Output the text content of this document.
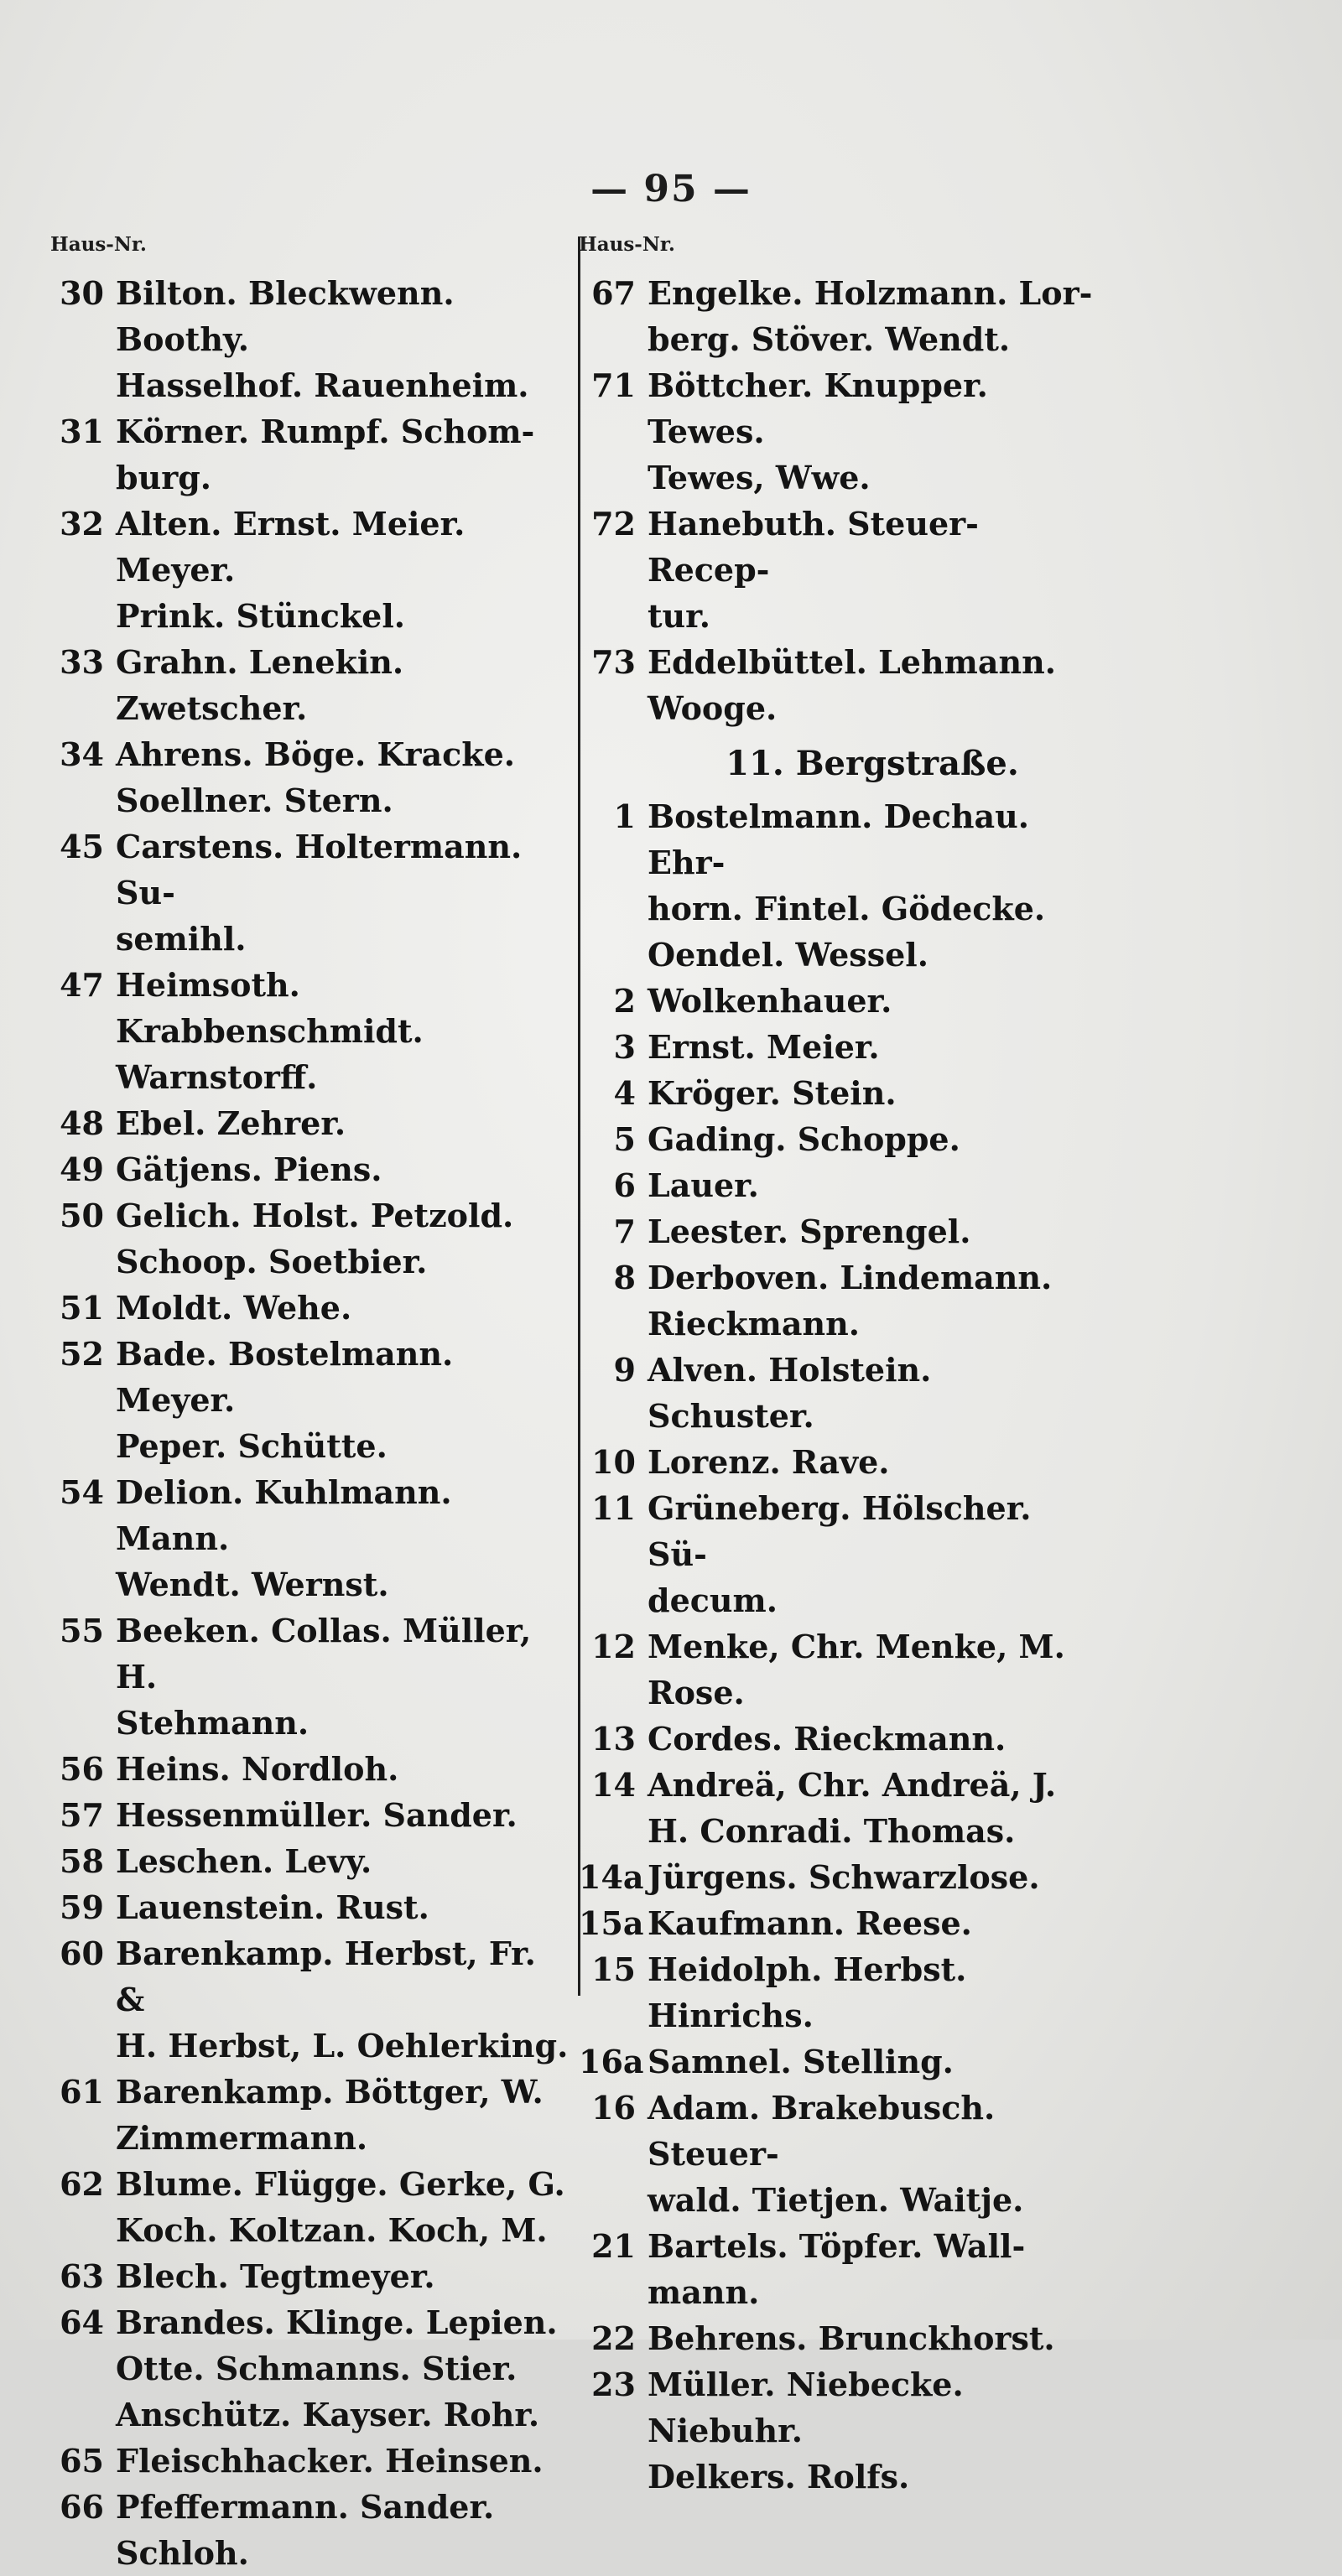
— 95 —
Haus-Nr.
30 Bilton. Bleckwenn. Boothy.
Hasselhof. Rauenheim.
31 Körner. Rumpf. Schom-
burg.
32 Alten. Ernst. Meier. Meyer.
Prink. Stünckel.
33 Grahn. Lenekin. Zwetscher.
34 Ahrens. Böge. Kracke.
Soellner. Stern.
45 Carstens. Holtermann. Su-
semihl.
47 Heimsoth. Krabbenschmidt.
Warnstorff.
48 Ebel. Zehrer.
49 Gätjens. Piens.
50 Gelich. Holst. Petzold.
Schoop. Soetbier.
51 Moldt. Wehe.
52 Bade. Bostelmann. Meyer.
Peper. Schütte.
54 Delion. Kuhlmann. Mann.
Wendt. Wernst.
55 Beeken. Collas. Müller, H.
Stehmann.
56 Heins. Nordloh.
57 Hessenmüller. Sander.
58 Leschen. Levy.
59 Lauenstein. Rust.
60 Barenkamp. Herbst, Fr. &
H. Herbst, L. Oehlerking.
61 Barenkamp. Böttger, W.
Zimmermann.
62 Blume. Flügge. Gerke, G.
Koch. Koltzan. Koch, M.
63 Blech. Tegtmeyer.
64 Brandes. Klinge. Lepien.
Otte. Schmanns. Stier.
Anschütz. Kayser. Rohr.
65 Fleischhacker. Heinsen.
66 Pfeffermann. Sander.
Schloh.
Haus-Nr.
67 Engelke. Holzmann. Lor-
berg. Stöver. Wendt.
71 Böttcher. Knupper. Tewes.
Tewes, Wwe.
72 Hanebuth. Steuer-Recep-
tur.
73 Eddelbüttel. Lehmann.
Wooge.
11. Bergstraße.
1 Bostelmann. Dechau. Ehr-
horn. Fintel. Gödecke.
Oendel. Wessel.
2 Wolkenhauer.
3 Ernst. Meier.
4 Kröger. Stein.
5 Gading. Schoppe.
6 Lauer.
7 Leester. Sprengel.
8 Derboven. Lindemann.
Rieckmann.
9 Alven. Holstein. Schuster.
10 Lorenz. Rave.
11 Grüneberg. Hölscher. Sü-
decum.
12 Menke, Chr. Menke, M.
Rose.
13 Cordes. Rieckmann.
14 Andreä, Chr. Andreä, J.
H. Conradi. Thomas.
14a Jürgens. Schwarzlose.
15a Kaufmann. Reese.
15 Heidolph. Herbst. Hinrichs.
16a Samnel. Stelling.
16 Adam. Brakebusch. Steuer-
wald. Tietjen. Waitje.
21 Bartels. Töpfer. Wall-
mann.
22 Behrens. Brunckhorst.
23 Müller. Niebecke. Niebuhr.
Delkers. Rolfs.
